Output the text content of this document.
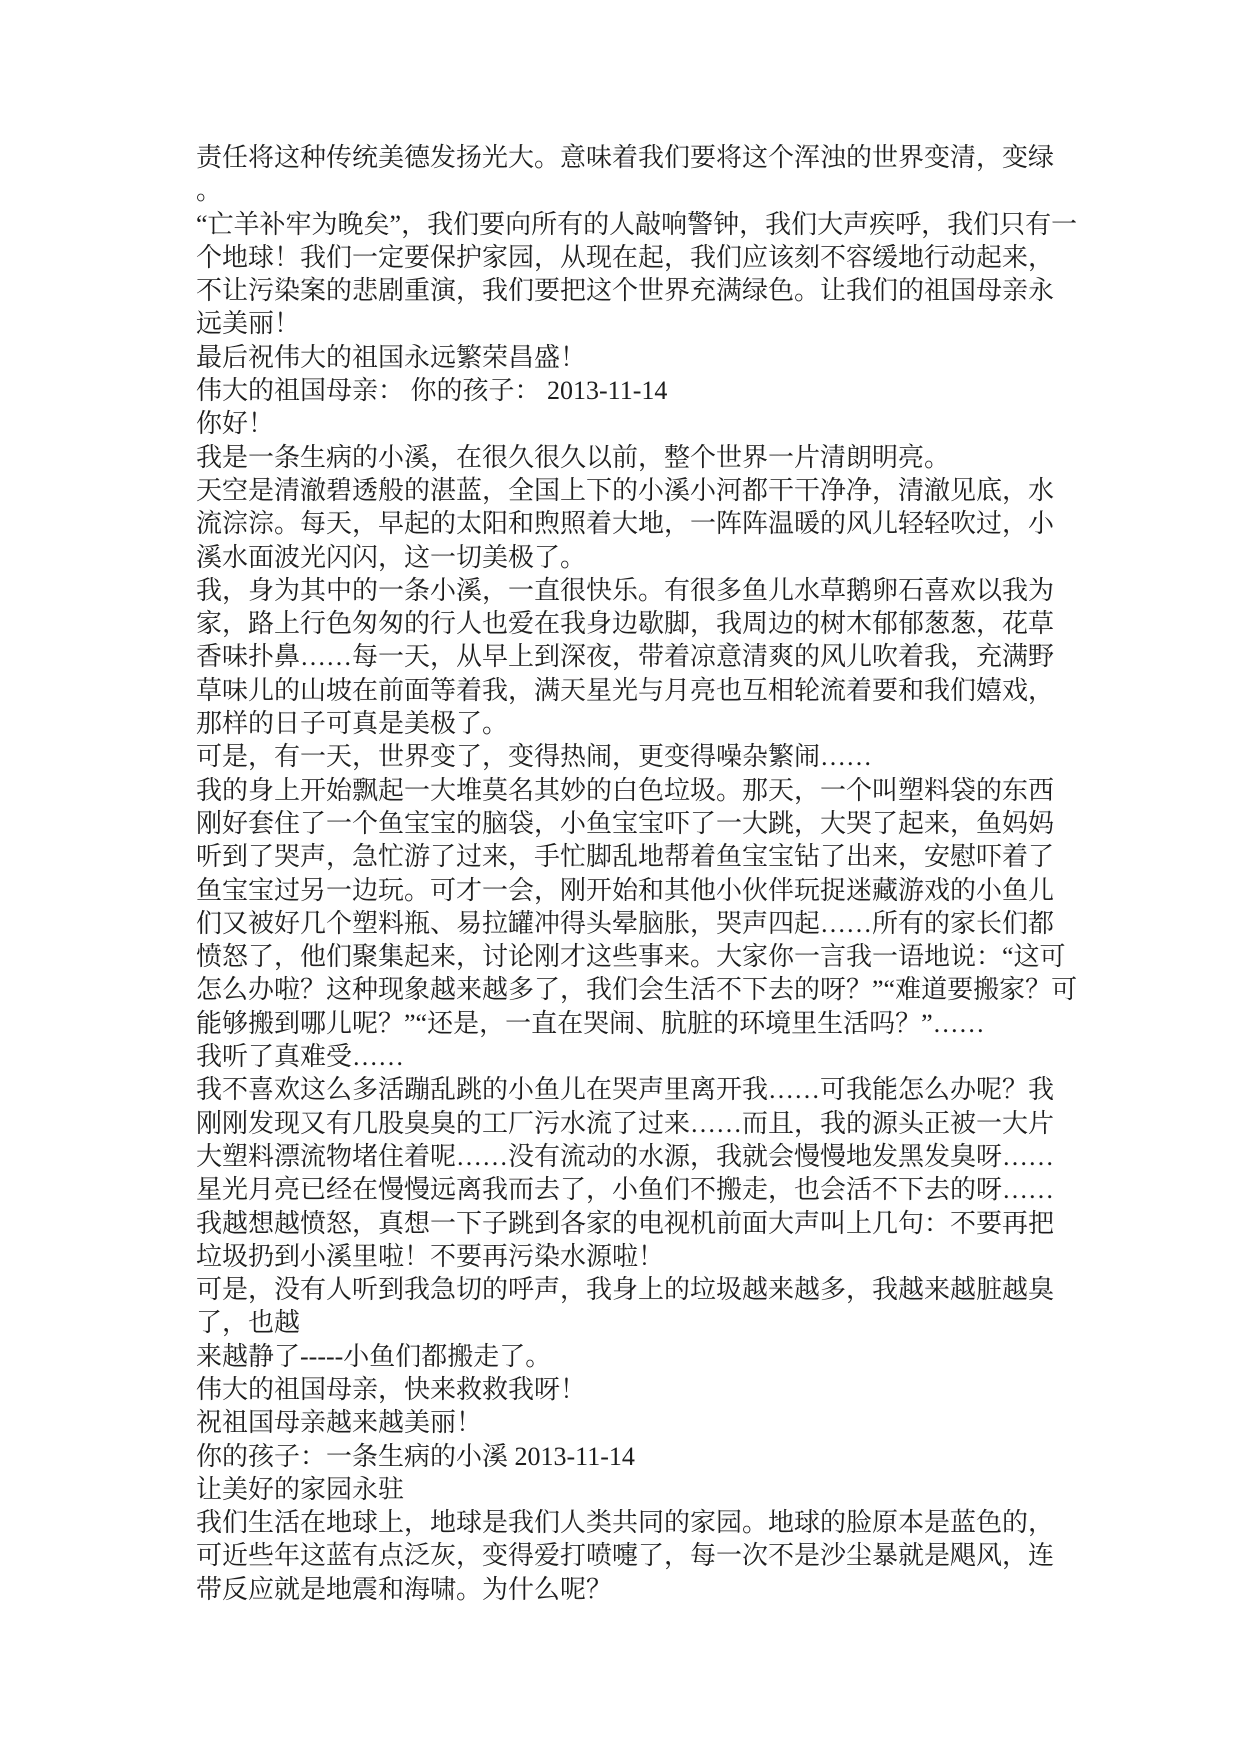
责任将这种传统美德发扬光大。意味着我们要将这个浑浊的世界变清，变绿
。
“亡羊补牢为晚矣”，我们要向所有的人敲响警钟，我们大声疾呼，我们只有一
个地球！我们一定要保护家园，从现在起，我们应该刻不容缓地行动起来，
不让污染案的悲剧重演，我们要把这个世界充满绿色。让我们的祖国母亲永
远美丽！
最后祝伟大的祖国永远繁荣昌盛！
伟大的祖国母亲： 你的孩子： 2013-11-14
你好！
我是一条生病的小溪，在很久很久以前，整个世界一片清朗明亮。
天空是清澈碧透般的湛蓝，全国上下的小溪小河都干干净净，清澈见底，水
流淙淙。每天，早起的太阳和煦照着大地，一阵阵温暖的风儿轻轻吹过，小
溪水面波光闪闪，这一切美极了。
我，身为其中的一条小溪，一直很快乐。有很多鱼儿水草鹅卵石喜欢以我为
家，路上行色匆匆的行人也爱在我身边歇脚，我周边的树木郁郁葱葱，花草
香味扑鼻……每一天，从早上到深夜，带着凉意清爽的风儿吹着我，充满野
草味儿的山坡在前面等着我，满天星光与月亮也互相轮流着要和我们嬉戏，
那样的日子可真是美极了。
可是，有一天，世界变了，变得热闹，更变得噪杂繁闹……
我的身上开始飘起一大堆莫名其妙的白色垃圾。那天，一个叫塑料袋的东西
刚好套住了一个鱼宝宝的脑袋，小鱼宝宝吓了一大跳，大哭了起来，鱼妈妈
听到了哭声，急忙游了过来，手忙脚乱地帮着鱼宝宝钻了出来，安慰吓着了
鱼宝宝过另一边玩。可才一会，刚开始和其他小伙伴玩捉迷藏游戏的小鱼儿
们又被好几个塑料瓶、易拉罐冲得头晕脑胀，哭声四起……所有的家长们都
愤怒了，他们聚集起来，讨论刚才这些事来。大家你一言我一语地说：“这可
怎么办啦？这种现象越来越多了，我们会生活不下去的呀？”“难道要搬家？可
能够搬到哪儿呢？”“还是，一直在哭闹、肮脏的环境里生活吗？”……
我听了真难受……
我不喜欢这么多活蹦乱跳的小鱼儿在哭声里离开我……可我能怎么办呢？我
刚刚发现又有几股臭臭的工厂污水流了过来……而且，我的源头正被一大片
大塑料漂流物堵住着呢……没有流动的水源，我就会慢慢地发黑发臭呀……
星光月亮已经在慢慢远离我而去了，小鱼们不搬走，也会活不下去的呀……
我越想越愤怒，真想一下子跳到各家的电视机前面大声叫上几句：不要再把
垃圾扔到小溪里啦！不要再污染水源啦！
可是，没有人听到我急切的呼声，我身上的垃圾越来越多，我越来越脏越臭
了，也越
来越静了-----小鱼们都搬走了。
伟大的祖国母亲，快来救救我呀！
祝祖国母亲越来越美丽！
你的孩子：一条生病的小溪 2013-11-14
让美好的家园永驻
我们生活在地球上，地球是我们人类共同的家园。地球的脸原本是蓝色的，
可近些年这蓝有点泛灰，变得爱打喷嚏了，每一次不是沙尘暴就是飓风，连
带反应就是地震和海啸。为什么呢？
